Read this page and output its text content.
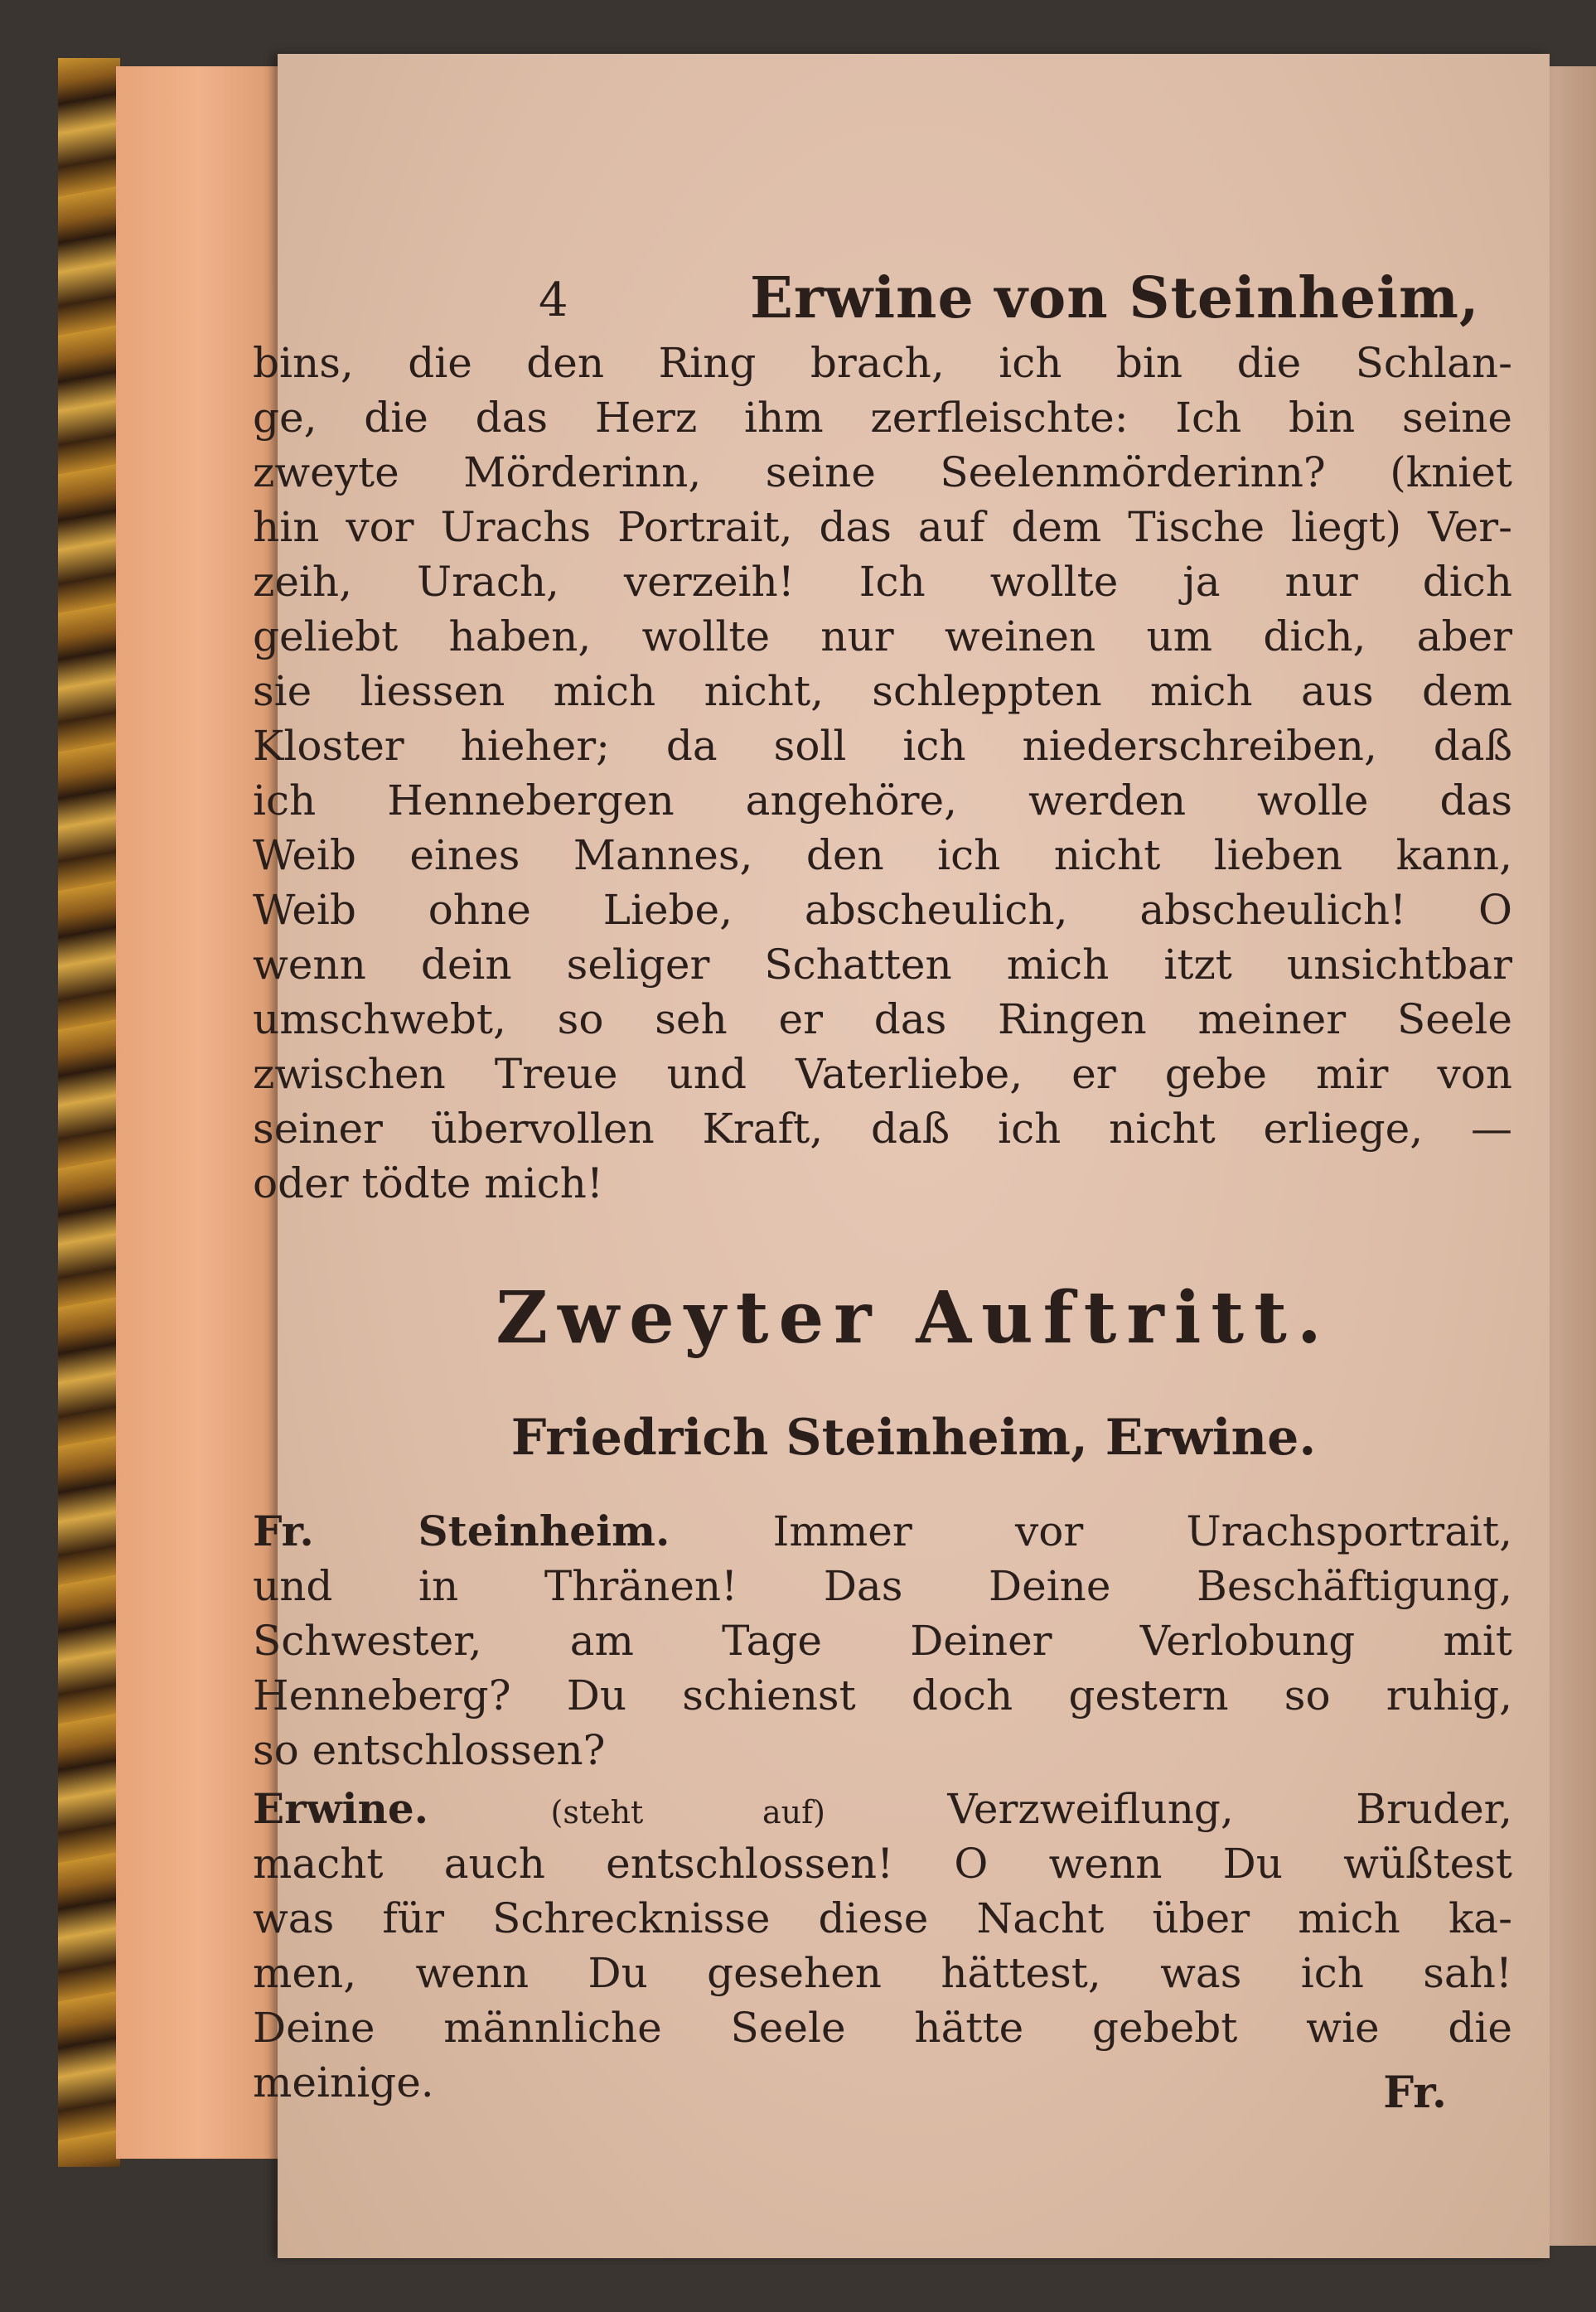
4	Erwine von Steinheim,
bins, die den Ring brach, ich bin die Schlan-
ge, die das Herz ihm zerfleischte: Ich bin seine
zweyte Mörderinn, seine Seelenmörderinn? (kniet
hin vor Urachs Portrait, das auf dem Tische liegt) Ver-
zeih, Urach, verzeih! Ich wollte ja nur dich
geliebt haben, wollte nur weinen um dich, aber
sie liessen mich nicht, schleppten mich aus dem
Kloster hieher; da soll ich niederschreiben, daß
ich Hennebergen angehöre, werden wolle das
Weib eines Mannes, den ich nicht lieben kann,
Weib ohne Liebe, abscheulich, abscheulich! O
wenn dein seliger Schatten mich itzt unsichtbar
umschwebt, so seh er das Ringen meiner Seele
zwischen Treue und Vaterliebe, er gebe mir von
seiner übervollen Kraft, daß ich nicht erliege, —
oder tödte mich!
Zweyter Auftritt.
Friedrich Steinheim, Erwine.
Fr. Steinheim. Immer vor Urachsportrait,
und in Thränen! Das Deine Beschäftigung,
Schwester, am Tage Deiner Verlobung mit
Henneberg? Du schienst doch gestern so ruhig,
so entschlossen?
Erwine.	(steht auf)	Verzweiflung, Bruder,
macht auch entschlossen! O wenn Du wüßtest
was für Schrecknisse diese Nacht über mich ka-
men, wenn Du gesehen hättest, was ich sah!
Deine männliche Seele hätte gebebt wie die
meinige.	Fr.
